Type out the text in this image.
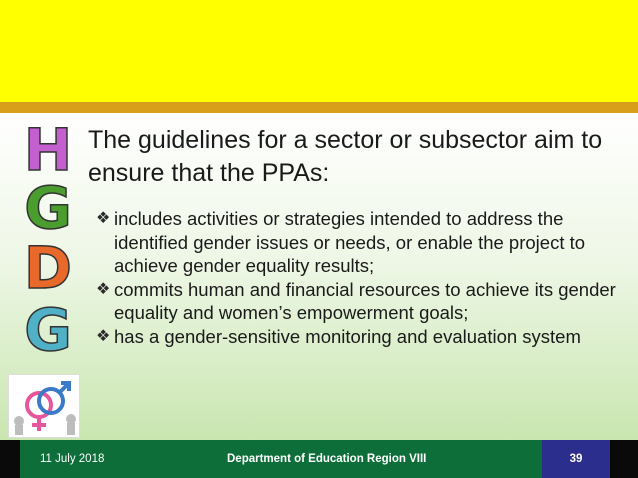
H
G
D
G
The guidelines for a sector or subsector aim to ensure that the PPAs:
❖ includes activities or strategies intended to address the identified gender issues or needs, or enable the project to achieve gender equality results;
❖ commits human and financial resources to achieve its gender equality and women’s empowerment goals;
❖ has a gender-sensitive monitoring and evaluation system
11 July 2018	Department of Education Region VIII	39
